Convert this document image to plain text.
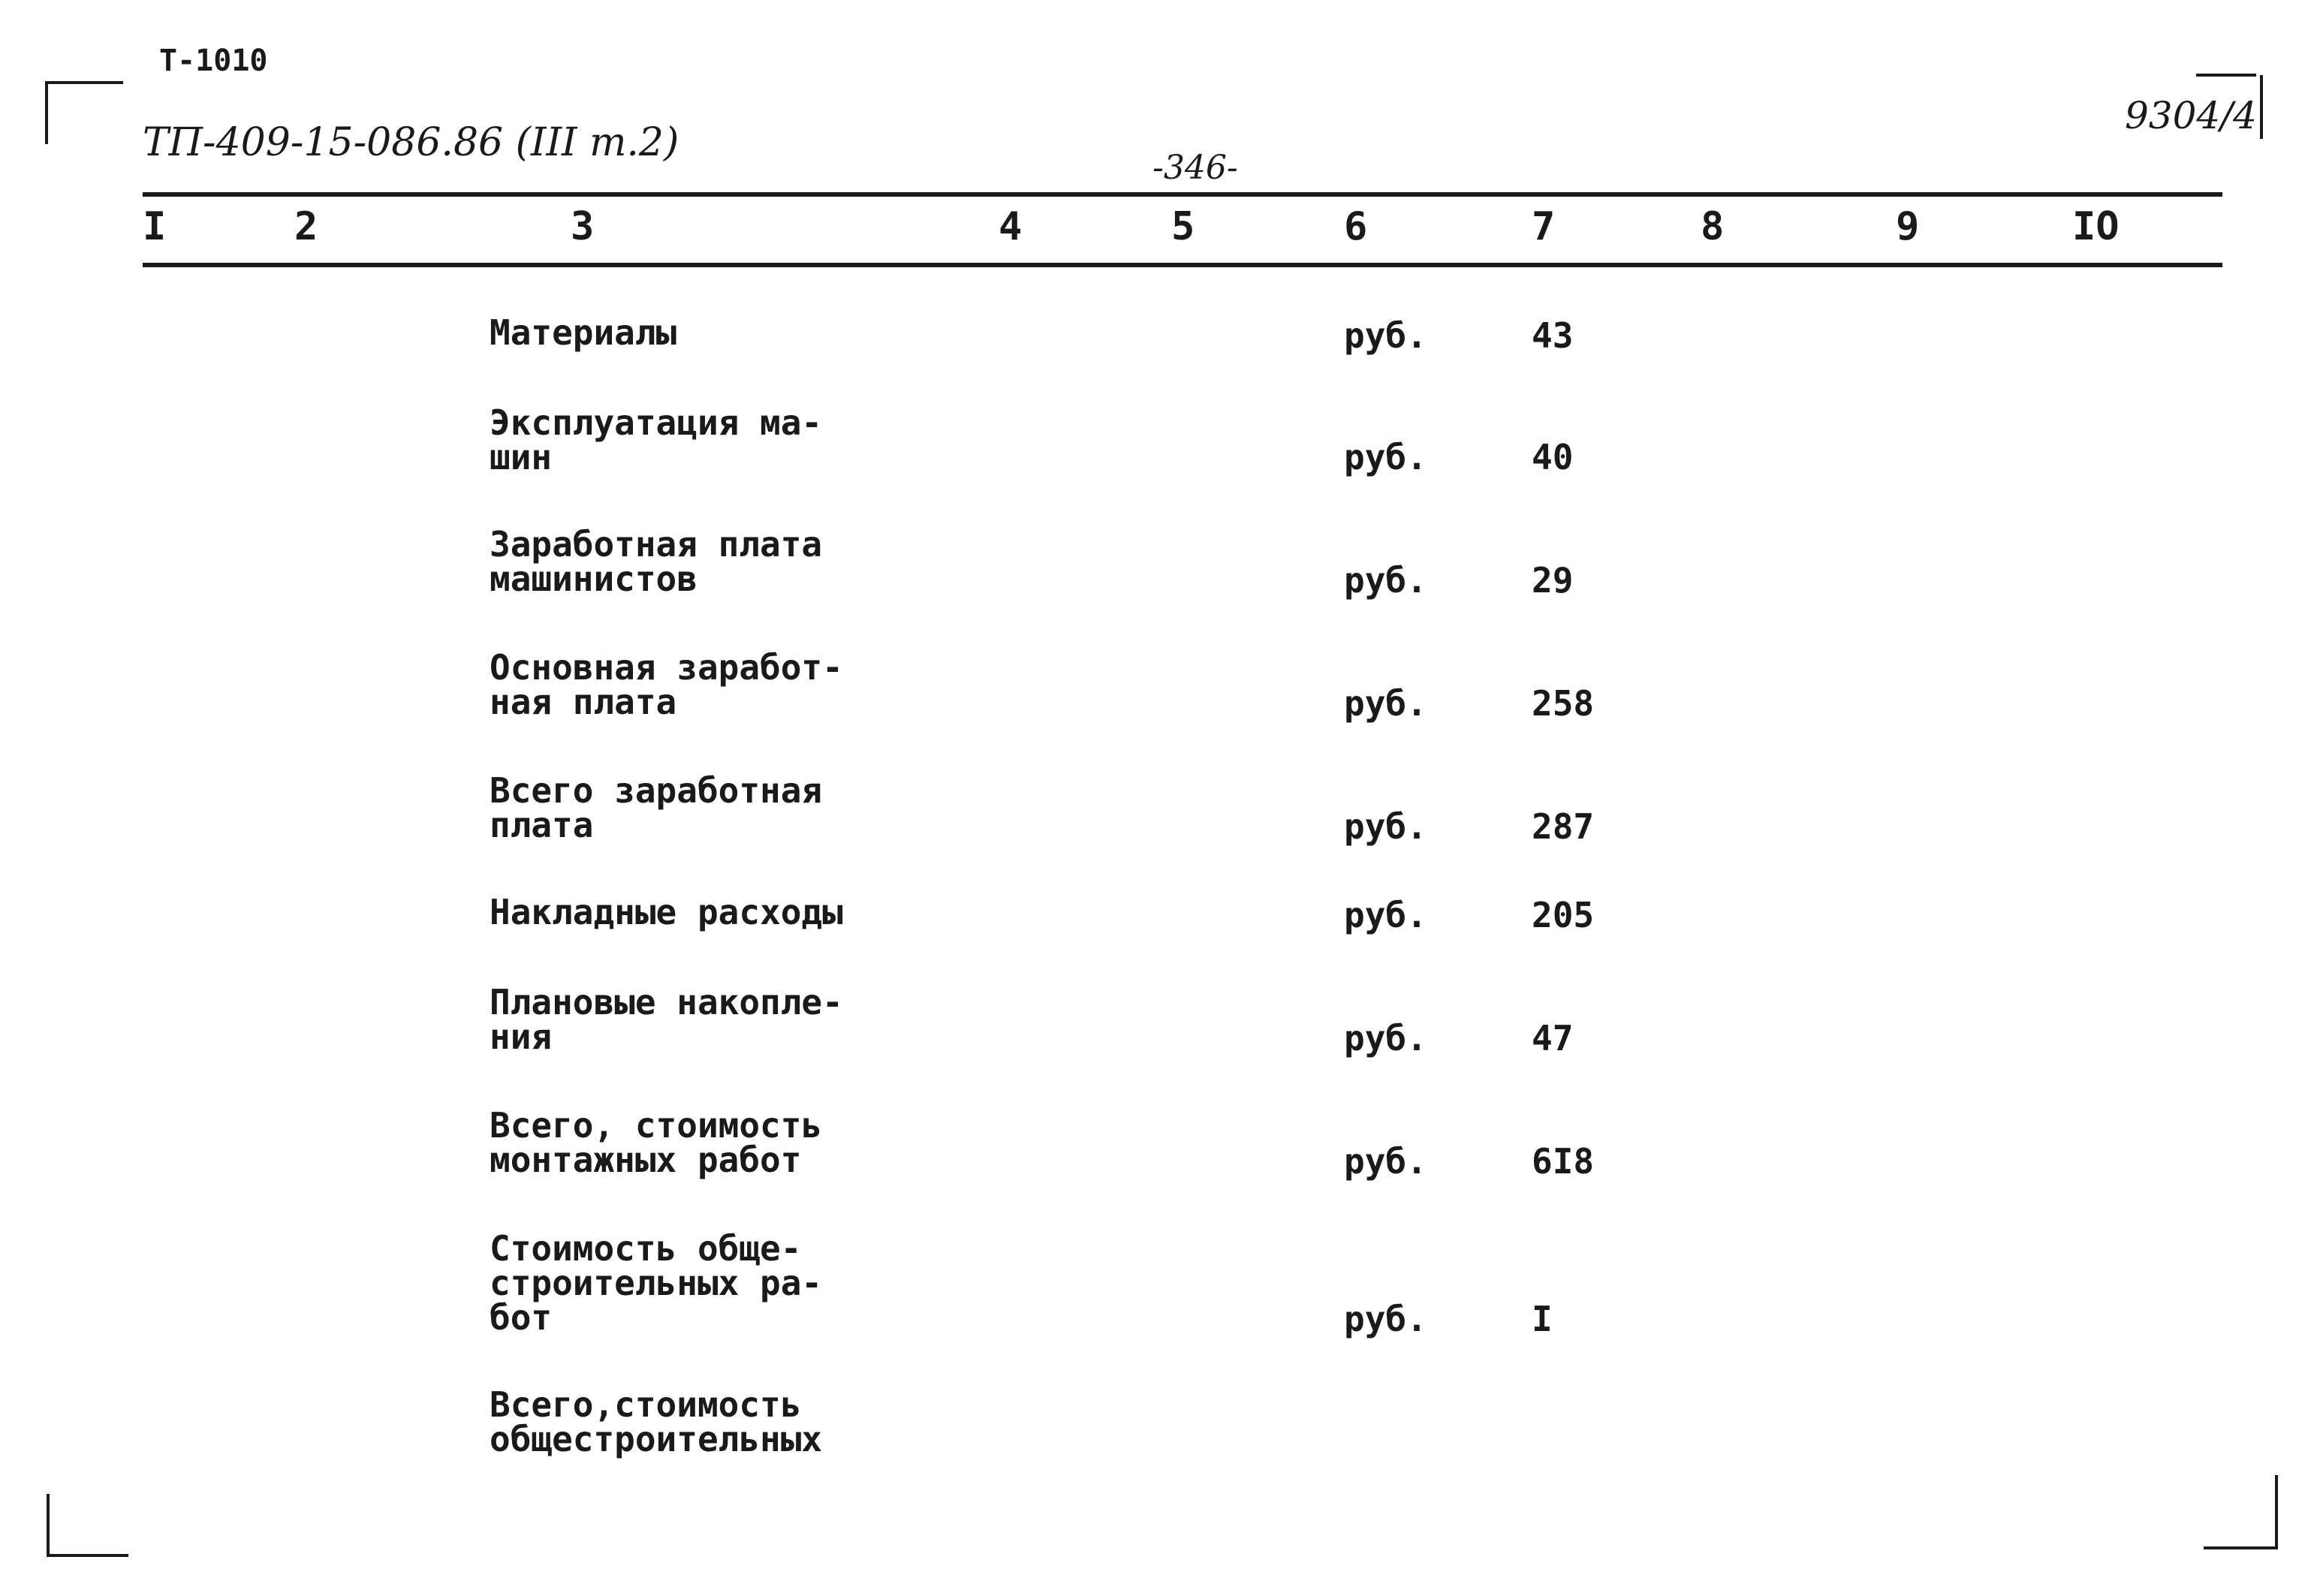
Т-1010
ТП-409-15-086.86 (III т.2)
-346-
9304/4
I	2	3	4	5	6	7	8	9	IO
Материалы	руб.	43
Эксплуатация ма-
шин	руб.	40
Заработная плата
машинистов	руб.	29
Основная заработ-
ная плата	руб.	258
Всего заработная
плата	руб.	287
Накладные расходы	руб.	205
Плановые накопле-
ния	руб.	47
Всего, стоимость
монтажных работ	руб.	6I8
Стоимость обще-
строительных ра-
бот	руб.	I
Всего,стоимость
общестроительных
